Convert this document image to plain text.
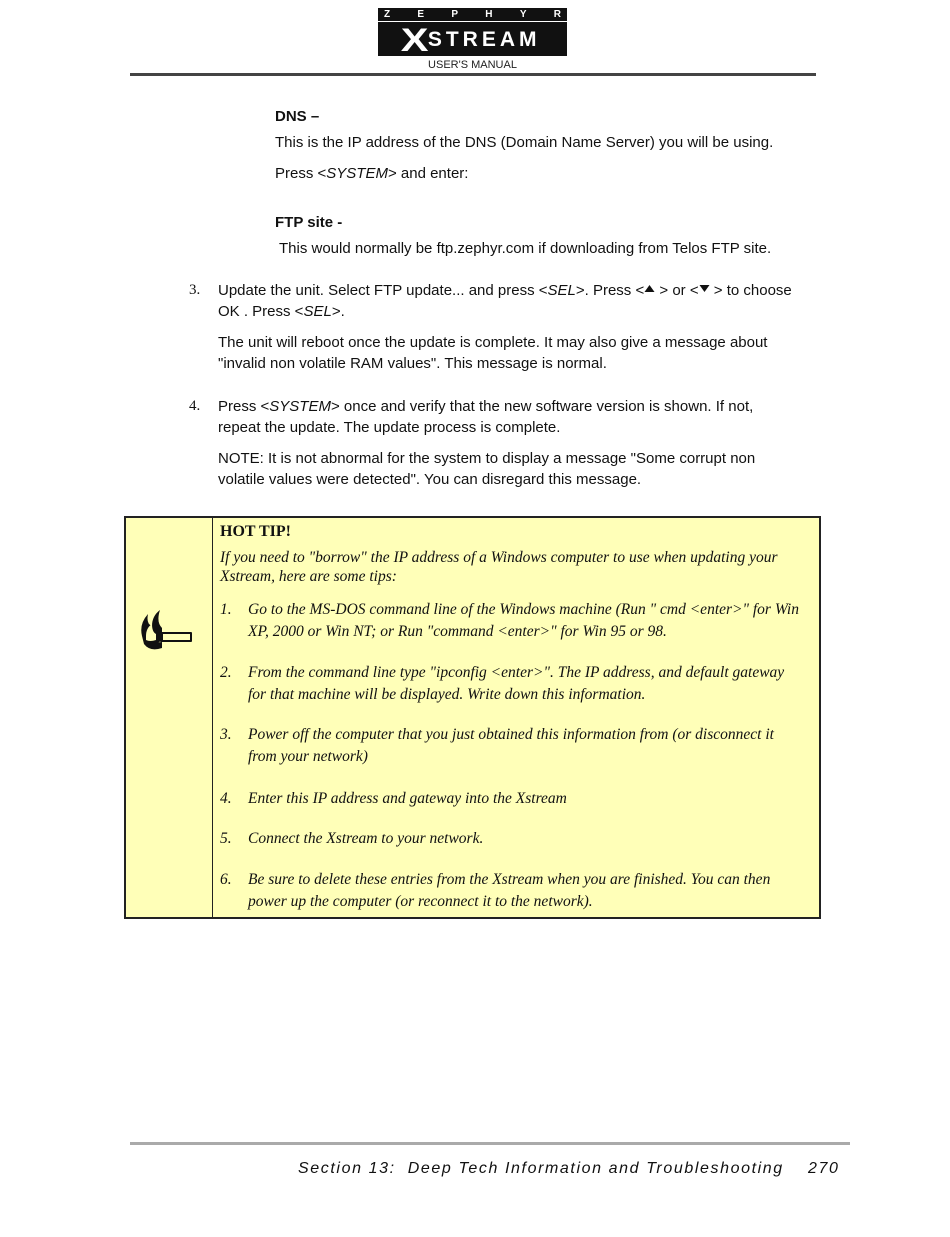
Z	E	P	H	Y	R
X
STREAM
USER'S MANUAL
DNS –
This is the IP address of the DNS (Domain Name Server) you will be using.
Press <SYSTEM> and enter:
FTP site -
This would normally be ftp.zephyr.com if downloading from Telos FTP site.
3. Update the unit. Select FTP update... and press <SEL>. Press < > or < > to choose
OK . Press <SEL>.
The unit will reboot once the update is complete. It may also give a message about
"invalid non volatile RAM values". This message is normal.
4. Press <SYSTEM> once and verify that the new software version is shown. If not,
repeat the update. The update process is complete.
NOTE: It is not abnormal for the system to display a message "Some corrupt non
volatile values were detected". You can disregard this message.
HOT TIP!
If you need to "borrow" the IP address of a Windows computer to use when updating your
Xstream, here are some tips:
1. Go to the MS-DOS command line of the Windows machine (Run " cmd <enter>" for Win
XP, 2000 or Win NT; or Run "command <enter>" for Win 95 or 98.
2. From the command line type "ipconfig <enter>". The IP address, and default gateway
for that machine will be displayed. Write down this information.
3. Power off the computer that you just obtained this information from (or disconnect it
from your network)
4. Enter this IP address and gateway into the Xstream
5. Connect the Xstream to your network.
6. Be sure to delete these entries from the Xstream when you are finished. You can then
power up the computer (or reconnect it to the network).
Section 13:  Deep Tech Information and Troubleshooting 270
